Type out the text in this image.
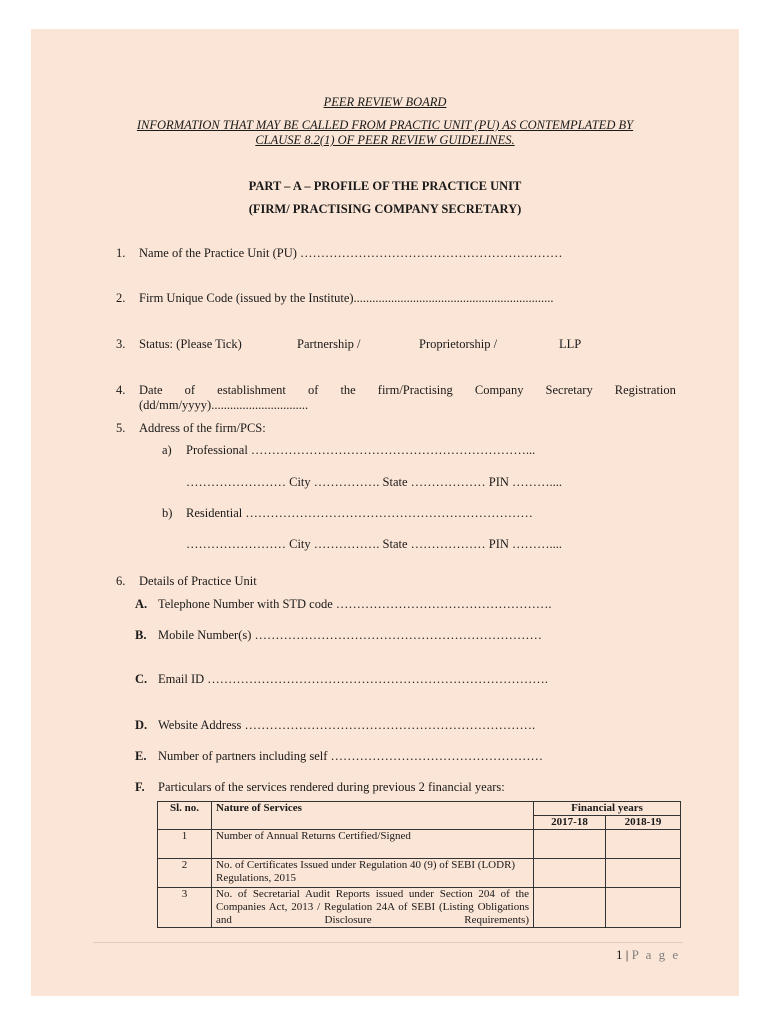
PEER REVIEW BOARD
INFORMATION THAT MAY BE CALLED FROM PRACTIC UNIT (PU) AS CONTEMPLATED BY
CLAUSE 8.2(1) OF PEER REVIEW GUIDELINES.
PART – A – PROFILE OF THE PRACTICE UNIT
(FIRM/ PRACTISING COMPANY SECRETARY)
1. Name of the Practice Unit (PU) ………………………………………………………
2. Firm Unique Code (issued by the Institute)................................................................
3. Status: (Please Tick)	Partnership /	Proprietorship /	LLP
4. Date of establishment of the firm/Practising Company Secretary Registration
(dd/mm/yyyy)...............................
5. Address of the firm/PCS:
a) Professional …………………………………………………………...
…………………… City ……………. State ……………… PIN ………....
b) Residential ……………………………………………………………
…………………… City ……………. State ……………… PIN ………....
6. Details of Practice Unit
A. Telephone Number with STD code …………………………………………….
B. Mobile Number(s) ……………………………………………………………
C. Email ID ……………………………………………………………………….
D. Website Address …………………………………………………………….
E. Number of partners including self ……………………………………………
F. Particulars of the services rendered during previous 2 financial years:
Sl. no.	Nature of Services	Financial years	
		2017-18	2018-19
1	Number of Annual Returns Certified/Signed		
2	No. of Certificates Issued under Regulation 40 (9) of SEBI (LODR) Regulations, 2015		
3	No. of Secretarial Audit Reports issued under Section 204 of the Companies Act, 2013 / Regulation 24A of SEBI (Listing Obligations and Disclosure Requirements)		
1 | P a g e
